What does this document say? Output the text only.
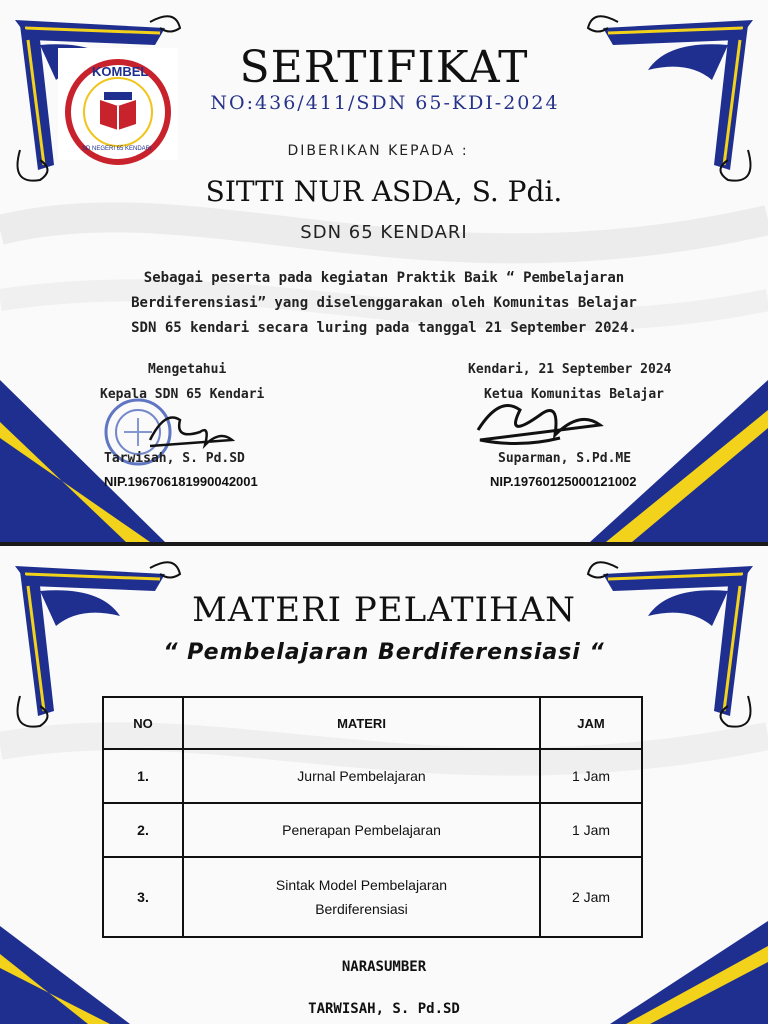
KOMBEL
SD NEGERI 65 KENDARI
SERTIFIKAT
NO:436/411/SDN 65-KDI-2024
DIBERIKAN KEPADA :
SITTI NUR ASDA, S. Pdi.
SDN 65 KENDARI
Sebagai peserta pada kegiatan Praktik Baik “ Pembelajaran
Berdiferensiasi” yang diselenggarakan oleh Komunitas Belajar
SDN 65 kendari secara luring pada tanggal 21 September 2024.
Mengetahui
Kepala SDN 65 Kendari
Tarwisah, S. Pd.SD
NIP.196706181990042001
Kendari, 21 September 2024
Ketua Komunitas Belajar
Suparman, S.Pd.ME
NIP.19760125000121002
MATERI PELATIHAN
“ Pembelajaran Berdiferensiasi “
NO	MATERI	JAM
1.	Jurnal Pembelajaran	1 Jam
2.	Penerapan Pembelajaran	1 Jam
3.	Sintak Model Pembelajaran
Berdiferensiasi	2 Jam
NARASUMBER
TARWISAH, S. Pd.SD
